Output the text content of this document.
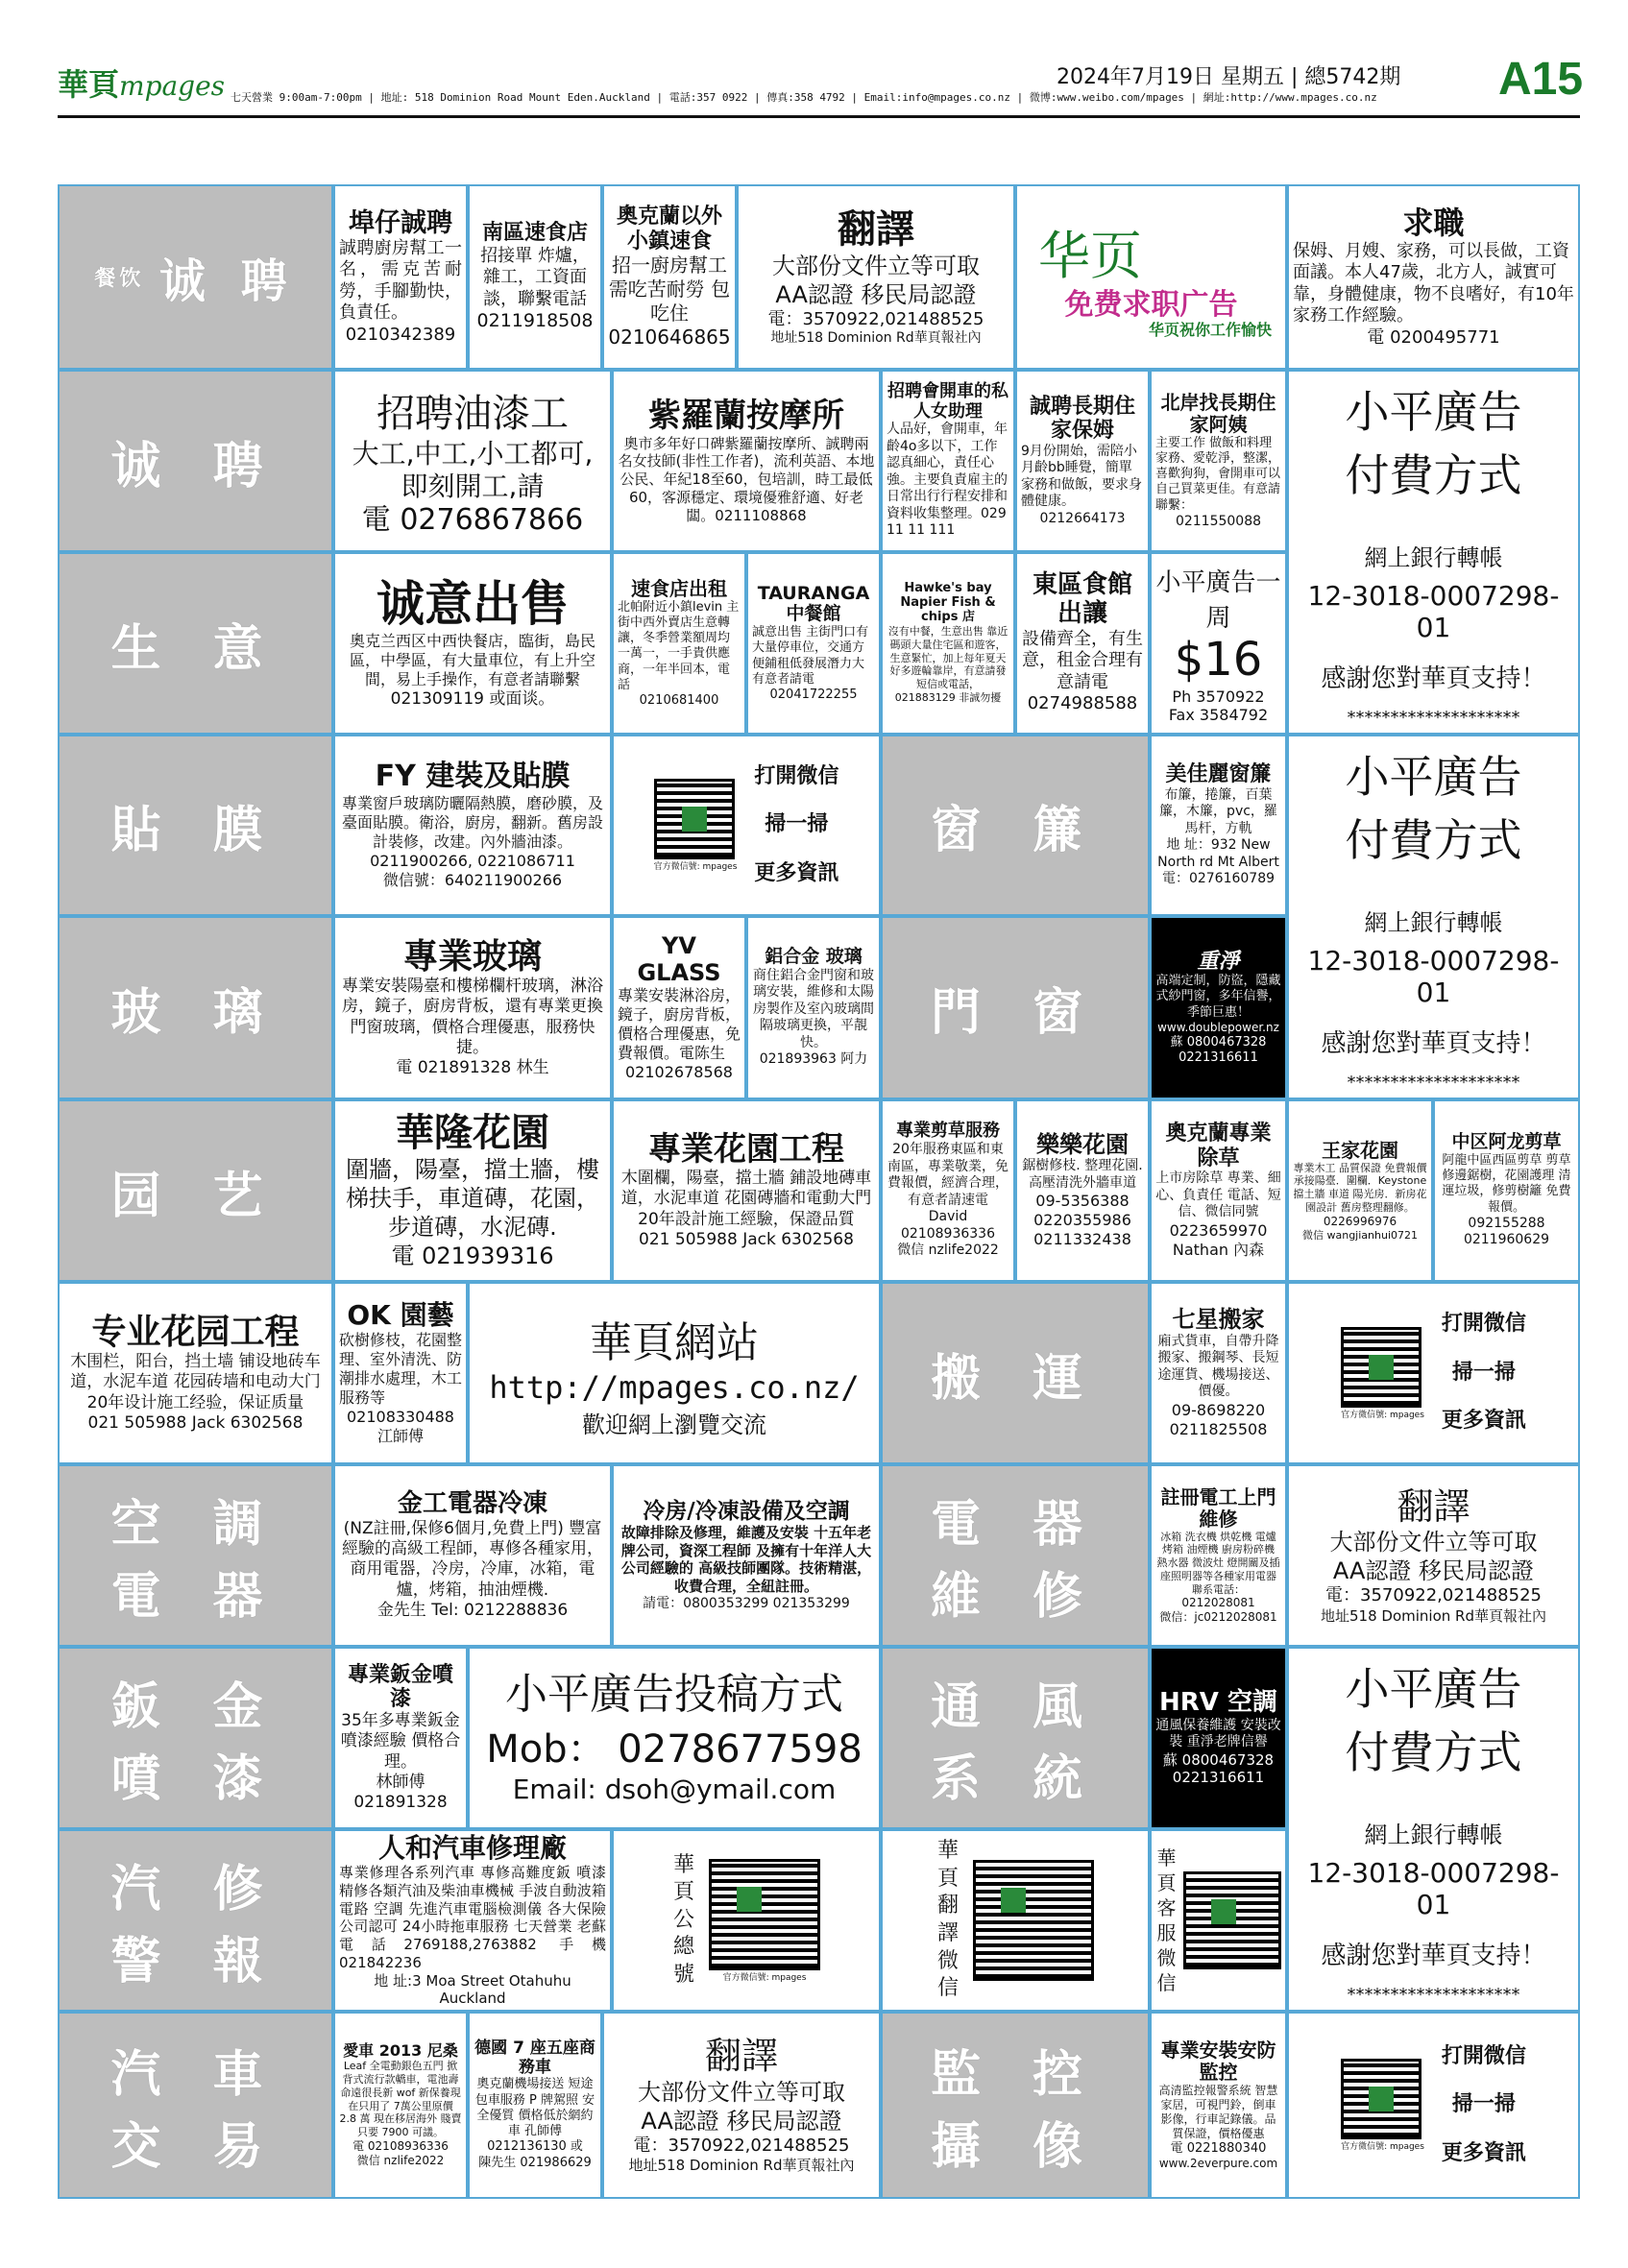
華頁mpages 七天營業 9:00am-7:00pm | 地址: 518 Dominion Road Mount Eden.Auckland | 電話:357 0922 | 傳真:358 4792 | Email:info@mpages.co.nz | 微博:www.weibo.com/mpages | 網址:http://www.mpages.co.nz
2024年7月19日 星期五 | 總5742期 A15
餐饮
诚 聘
埠仔誠聘
誠聘廚房幫工一名，需克苦耐勞，手腳勤快，負責任。
0210342389
南區速食店
招接單 炸爐，雜工，工資面談，聯繫電話
0211918508
奧克蘭以外小鎮速食
招一廚房幫工 需吃苦耐勞 包吃住
0210646865
翻譯
大部份文件立等可取
AA認證 移民局認證
電：3570922,021488525
地址518 Dominion Rd華頁報社內
华页
免费求职广告
华页祝你工作愉快
求職
保姆、月嫂、家務，可以長做，工資面議。本人47歲，北方人，誠實可靠，身體健康，物不良嗜好，有10年家務工作經驗。
電 0200495771
诚 聘
招聘油漆工
大工,中工,小工都可,即刻開工,請
電 0276867866
紫羅蘭按摩所
奧市多年好口碑紫羅蘭按摩所、誠聘兩名女技師(非性工作者)，流利英語、本地公民、年紀18至60，包培訓，時工最低60，客源穩定、環境優雅舒適、好老闆。0211108868
招聘會開車的私人女助理
人品好，會開車，年齡4o多以下，工作認真細心，責任心強。主要負責雇主的日常出行行程安排和資料收集整理。029 11 11 111
誠聘長期住家保姆
9月份開始，需陪小月齡bb睡覺，簡單家務和做飯，要求身體健康。
0212664173
北岸找長期住家阿姨
主要工作 做飯和料理家務、愛乾淨，整潔，喜歡狗狗，會開車可以自己買菜更佳。有意請聯繫：
0211550088
小平廣告
付費方式
網上銀行轉帳
12-3018-0007298-01
感謝您對華頁支持！
********************
生 意
诚意出售
奧克兰西区中西快餐店，臨街，島民區，中學區，有大量車位，有上升空間，易上手操作，有意者請聯繫
021309119 或面谈。
速食店出租
北帕附近小鎮levin 主街中西外賣店生意轉讓，冬季營業額周均一萬一，一手貴供應商，一年半回本，電話
0210681400
TAURANGA中餐館
誠意出售 主街門口有大量停車位，交通方便鋪租低發展潛力大有意者請電
02041722255
Hawke's bay Napier Fish & chips 店
沒有中餐，生意出售 靠近碼頭大量住宅區和遊客，生意緊忙，加上每年夏天好多遊輪靠岸，有意請發短信或電話，
021883129 非誠勿擾
東區食館出讓
設備齊全，有生意，租金合理有意請電
0274988588
小平廣告一周
$16
Ph 3570922
Fax 3584792
貼 膜
FY 建裝及貼膜
專業窗戶玻璃防曬隔熱膜，磨砂膜，及臺面貼膜。衛浴，廚房，翻新。舊房設計裝修，改建。內外牆油漆。
0211900266, 0221086711
微信號：640211900266
官方微信號: mpages
打開微信
掃一掃
更多資訊
窗 簾
美佳麗窗簾
布簾，捲簾，百葉簾，木簾，pvc，羅馬杆，方軌
地 址：932 New North rd Mt Albert
電：0276160789
小平廣告
付費方式
網上銀行轉帳
12-3018-0007298-01
感謝您對華頁支持！
********************
玻 璃
專業玻璃
專業安裝陽臺和樓梯欄杆玻璃，淋浴房，鏡子，廚房背板，還有專業更換門窗玻璃，價格合理優惠，服務快捷。
電 021891328 林生
YV GLASS
專業安裝淋浴房，鏡子，廚房背板，價格合理優惠，免費報價。電陈生
02102678568
鋁合金 玻璃
商住鋁合金門窗和玻璃安裝，維修和太陽房製作及室內玻璃間隔玻璃更換，平靚快。
021893963 阿力
門 窗
重淨
高端定制，防盜，隱藏式紗門窗，多年信譽，季節巨惠！
www.doublepower.nz
蘇 0800467328 0221316611
园 艺
華隆花園
圍牆，陽臺，擋土牆，樓梯扶手，車道磚，花園，步道磚，水泥磚.
電 021939316
專業花園工程
木圍欄，陽臺，擋土牆 鋪設地磚車道，水泥車道 花園磚牆和電動大門 20年設計施工經驗，保證品質
021 505988 Jack 6302568
專業剪草服務
20年服務東區和東南區，專業敬業，免費報價，經濟合理，有意者請速電 David
02108936336
微信 nzlife2022
樂樂花園
鋸樹修枝. 整理花園. 高壓清洗外牆車道
09-5356388
0220355986
0211332438
奧克蘭專業除草
上市房除草 專業、細心、負責任 電話、短信、微信同號
0223659970
Nathan 內森
王家花園
專業木工 品質保證 免費報價 承接陽臺．圍欄．Keystone擋土牆 車道 陽光房．新房花園設計 舊房整理翻修。
0226996976
微信 wangjianhui0721
中区阿龙剪草
阿龍中區西區剪草 剪草修邊鋸樹，花園護理 清運垃圾，修剪樹籬 免費報價。
092155288
0211960629
专业花园工程
木围栏，阳台，挡土墙 铺设地砖车道，水泥车道 花园砖墙和电动大门 20年设计施工经验，保证质量
021 505988 Jack 6302568
OK 園藝
砍樹修枝，花園整理、室外清洗、防潮排水處理，木工服務等
02108330488
江師傅
華頁網站
http://mpages.co.nz/
歡迎網上瀏覽交流
搬 運
七星搬家
廂式貨車，自帶升降搬家、搬鋼琴、長短途運貨、機場接送、價優。
09-8698220
0211825508
官方微信號: mpages
打開微信
掃一掃
更多資訊
空 調
電 器
金工電器冷凍
(NZ註冊,保修6個月,免費上門) 豐富經驗的高級工程師，專修各種家用，商用電器，冷房，冷庫，冰箱，電爐，烤箱，抽油煙機.
金先生 Tel: 0212288836
冷房/冷凍設備及空調
故障排除及修理，維護及安裝 十五年老牌公司，資深工程師 及擁有十年洋人大公司經驗的 高級技師團隊。技術精湛，收費合理，全紐註冊。
請電：0800353299 021353299
電 器
維 修
註冊電工上門維修
冰箱 洗衣機 烘乾機 電爐 烤箱 油煙機 廚房粉碎機 熱水器 微波灶 燈開關及插座照明器等各種家用電器 聯系電話：
0212028081
微信：jc0212028081
翻譯
大部份文件立等可取
AA認證 移民局認證
電：3570922,021488525
地址518 Dominion Rd華頁報社內
鈑 金
噴 漆
專業鈑金噴漆
35年多專業鈑金噴漆經驗 價格合理。
林師傅
021891328
小平廣告投稿方式
Mob： 0278677598
Email: dsoh@ymail.com
通 風
系 統
HRV 空調
通風保養維護 安裝改裝 重淨老牌信譽
蘇 0800467328 0221316611
小平廣告
付費方式
網上銀行轉帳
12-3018-0007298-01
感謝您對華頁支持！
********************
汽 修
警 報
人和汽車修理廠
專業修理各系列汽車 專修高難度鈑 噴漆 精修各類汽油及柴油車機械 手波自動波箱 電路 空調 先進汽車電腦檢測儀 各大保險公司認可 24小時拖車服務 七天營業 老蘇 電話2769188,2763882 手機 021842236
地 址:3 Moa Street Otahuhu Auckland
華頁公總號	官方微信號: mpages
華頁翻譯微信
華頁客服微信
汽 車
交 易
愛車 2013 尼桑
Leaf 全電動銀色五門 掀背式流行款轎車，電池壽命遠很長新 wof 新保養現在只用了 7萬公里原價 2.8 萬 現在移居海外 賤賣只要 7900 可議。
電 02108936336
微信 nzlife2022
德國 7 座五座商務車
奧克蘭機場接送 短途包車服務 P 牌駕照 安全優質 價格低於網約車 孔師傅
0212136130 或
陳先生 021986629
翻譯
大部份文件立等可取
AA認證 移民局認證
電：3570922,021488525
地址518 Dominion Rd華頁報社內
監 控
攝 像
專業安裝安防監控
高清監控報警系統 智慧家居，可視門鈴，倒車影像，行車記錄儀。品質保證，價格優惠
電 0221880340
www.2everpure.com
官方微信號: mpages
打開微信
掃一掃
更多資訊
